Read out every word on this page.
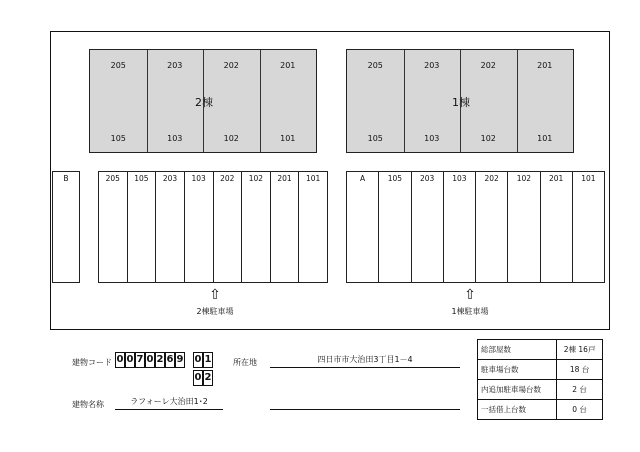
2棟
205
105
203
103
202
102
201
101
1棟
205
105
203
103
202
102
201
101
B	205	105	203	103	202	102	201	101	A	105	203	103	202	102	201	101
⇧
2棟駐車場
⇧
1棟駐車場
建物コード 0 0 7 0 2 6 9 0 1
0 2
所在地	四日市市大治田3丁目1－4
建物名称	ラフォーレ大治田1･2
総部屋数	2棟 16戸
駐車場台数	18 台
内追加駐車場台数	2 台
一括借上台数	0 台
